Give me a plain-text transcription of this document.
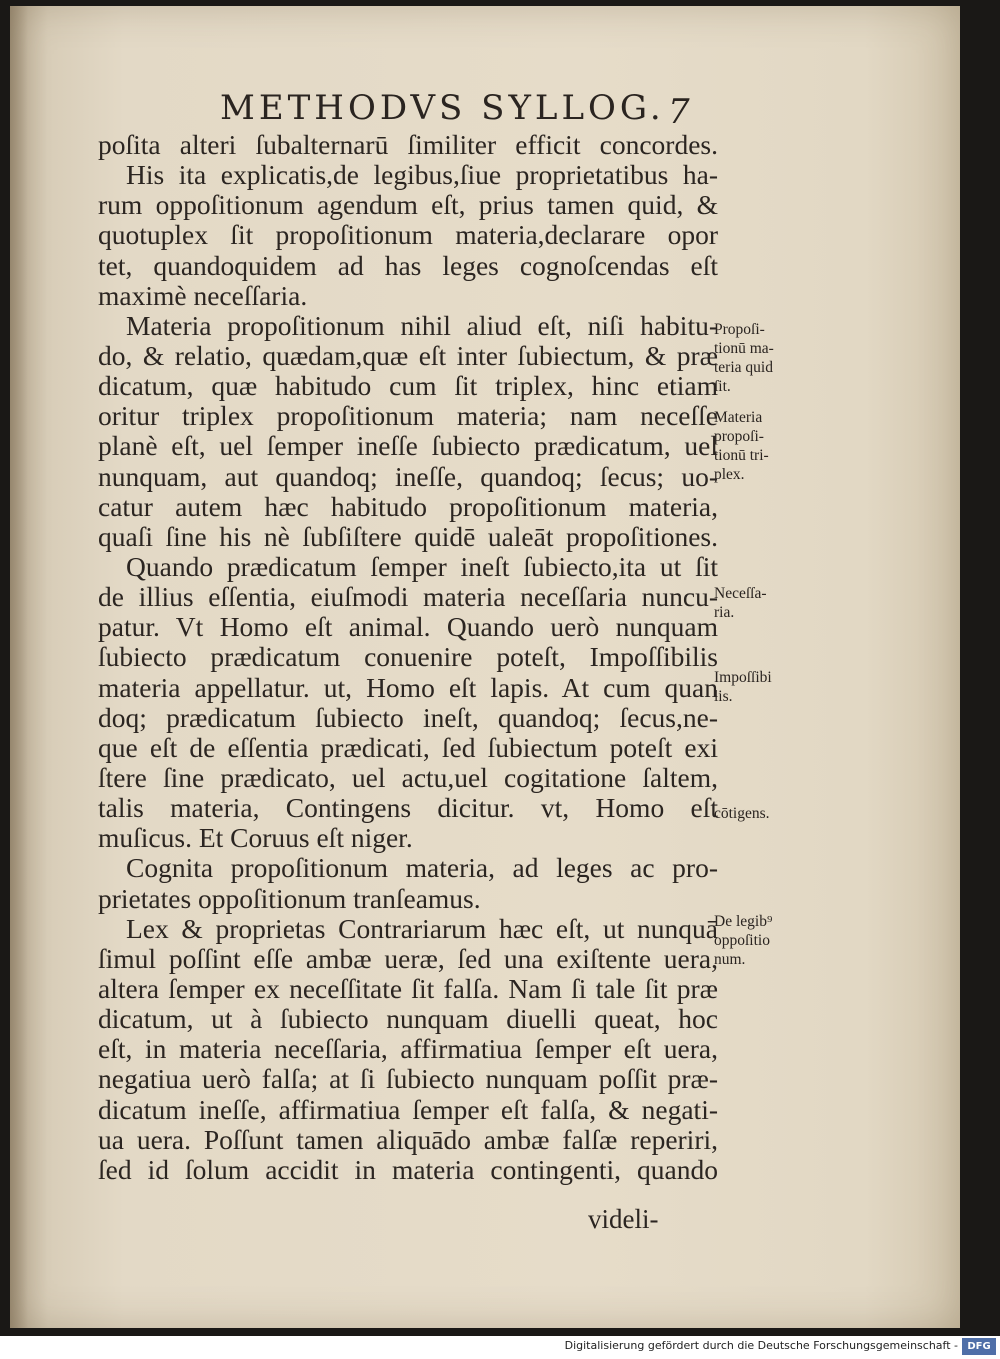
METHODVS SYLLOG. 7
poſita alteri ſubalternarū ſimiliter efficit concordes.
His ita explicatis,de legibus,ſiue proprietatibus ha-
rum oppoſitionum agendum eſt, prius tamen quid, &
quotuplex ſit propoſitionum materia,declarare opor
tet, quandoquidem ad has leges cognoſcendas eſt
maximè neceſſaria.
Materia propoſitionum nihil aliud eſt, niſi habitu-
do, & relatio, quædam,quæ eſt inter ſubiectum, & præ
dicatum, quæ habitudo cum ſit triplex, hinc etiam
oritur triplex propoſitionum materia; nam neceſſe
planè eſt, uel ſemper ineſſe ſubiecto prædicatum, uel
nunquam, aut quandoq; ineſſe, quandoq; ſecus; uo-
catur autem hæc habitudo propoſitionum materia,
quaſi ſine his nè ſubſiſtere quidē ualeāt propoſitiones.
Quando prædicatum ſemper ineſt ſubiecto,ita ut ſit
de illius eſſentia, eiuſmodi materia neceſſaria nuncu-
patur. Vt Homo eſt animal. Quando uerò nunquam
ſubiecto prædicatum conuenire poteſt, Impoſſibilis
materia appellatur. ut, Homo eſt lapis. At cum quan
doq; prædicatum ſubiecto ineſt, quandoq; ſecus,ne-
que eſt de eſſentia prædicati, ſed ſubiectum poteſt exi
ſtere ſine prædicato, uel actu,uel cogitatione ſaltem,
talis materia, Contingens dicitur. vt, Homo eſt
muſicus. Et Coruus eſt niger.
Cognita propoſitionum materia, ad leges ac pro-
prietates oppoſitionum tranſeamus.
Lex & proprietas Contrariarum hæc eſt, ut nunquā
ſimul poſſint eſſe ambæ ueræ, ſed una exiſtente uera,
altera ſemper ex neceſſitate ſit falſa. Nam ſi tale ſit præ
dicatum, ut à ſubiecto nunquam diuelli queat, hoc
eſt, in materia neceſſaria, affirmatiua ſemper eſt uera,
negatiua uerò falſa; at ſi ſubiecto nunquam poſſit præ-
dicatum ineſſe, affirmatiua ſemper eſt falſa, & negati-
ua uera. Poſſunt tamen aliquādo ambæ falſæ reperiri,
ſed id ſolum accidit in materia contingenti, quando
videli-
Propoſi-
tionū ma-
teria quid
ſit.
Materia
propoſi-
tionū tri-
plex.
Neceſſa-
ria.
Impoſſibi
lis.
cōtigens.
De legib⁹
oppoſitio
num.
Digitalisierung gefördert durch die Deutsche Forschungsgemeinschaft - DFG
